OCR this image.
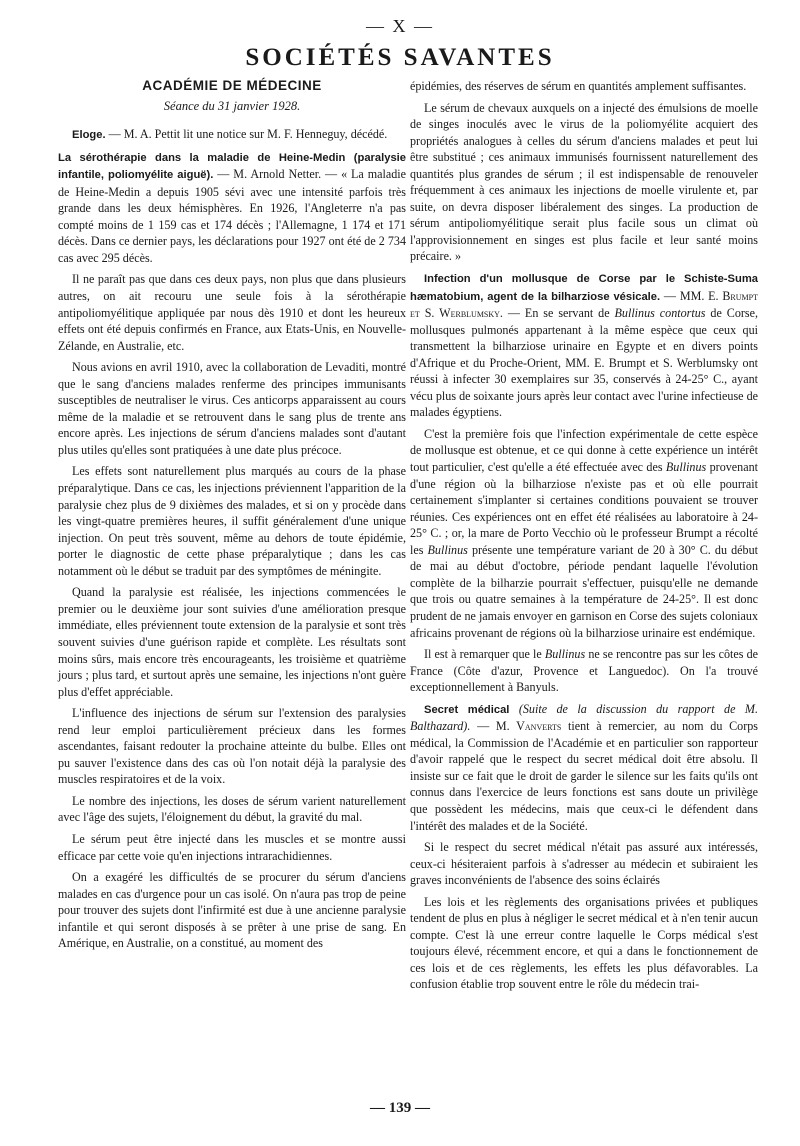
— X —
SOCIÉTÉS SAVANTES
ACADÉMIE DE MÉDECINE
Séance du 31 janvier 1928.

Eloge. — M. A. Pettit lit une notice sur M. F. Henneguy, décédé.

La sérothérapie dans la maladie de Heine-Medin (paralysie infantile, poliomyélite aiguë). — M. Arnold Netter. — « La maladie de Heine-Medin a depuis 1905 sévi avec une intensité parfois très grande dans les deux hémisphères. En 1926, l'Angleterre n'a pas compté moins de 1 159 cas et 174 décès ; l'Allemagne, 1 174 et 171 décès. Dans ce dernier pays, les déclarations pour 1927 ont été de 2 734 cas avec 295 décès.

Il ne paraît pas que dans ces deux pays, non plus que dans plusieurs autres, on ait recouru une seule fois à la sérothérapie antipoliomyélitique appliquée par nous dès 1910 et dont les heureux effets ont été depuis confirmés en France, aux Etats-Unis, en Nouvelle-Zélande, en Australie, etc.

Nous avions en avril 1910, avec la collaboration de Levaditi, montré que le sang d'anciens malades renferme des principes immunisants susceptibles de neutraliser le virus. Ces anticorps apparaissent au cours même de la maladie et se retrouvent dans le sang plus de trente ans encore après. Les injections de sérum d'anciens malades sont d'autant plus utiles qu'elles sont pratiquées à une date plus précoce.

Les effets sont naturellement plus marqués au cours de la phase préparalytique. Dans ce cas, les injections préviennent l'apparition de la paralysie chez plus de 9 dixièmes des malades, et si on y procède dans les vingt-quatre premières heures, il suffit généralement d'une unique injection. On peut très souvent, même au dehors de toute épidémie, porter le diagnostic de cette phase préparalytique ; dans les cas notamment où le début se traduit par des symptômes de méningite.

Quand la paralysie est réalisée, les injections commencées le premier ou le deuxième jour sont suivies d'une amélioration presque immédiate, elles préviennent toute extension de la paralysie et sont très souvent suivies d'une guérison rapide et complète. Les résultats sont moins sûrs, mais encore très encourageants, les troisième et quatrième jours ; plus tard, et surtout après une semaine, les injections n'ont guère plus d'effet appréciable.

L'influence des injections de sérum sur l'extension des paralysies rend leur emploi particulièrement précieux dans les formes ascendantes, faisant redouter la prochaine atteinte du bulbe. Elles ont pu sauver l'existence dans des cas où l'on notait déjà la paralysie des muscles respiratoires et de la voix.

Le nombre des injections, les doses de sérum varient naturellement avec l'âge des sujets, l'éloignement du début, la gravité du mal.

Le sérum peut être injecté dans les muscles et se montre aussi efficace par cette voie qu'en injections intrarachidiennes.

On a exagéré les difficultés de se procurer du sérum d'anciens malades en cas d'urgence pour un cas isolé. On n'aura pas trop de peine pour trouver des sujets dont l'infirmité est due à une ancienne paralysie infantile et qui seront disposés à se prêter à une prise de sang. En Amérique, en Australie, on a constitué, au moment des

épidémies, des réserves de sérum en quantités amplement suffisantes.

Le sérum de chevaux auxquels on a injecté des émulsions de moelle de singes inoculés avec le virus de la poliomyélite acquiert des propriétés analogues à celles du sérum d'anciens malades et peut lui être substitué ; ces animaux immunisés fournissent naturellement des quantités plus grandes de sérum ; il est indispensable de renouveler fréquemment à ces animaux les injections de moelle virulente et, par suite, on devra disposer libéralement des singes. La production de sérum antipoliomyélitique serait plus facile sous un climat où l'approvisionnement en singes est plus facile et leur santé moins précaire. »

Infection d'un mollusque de Corse par le Schiste-Suma hæmatobium, agent de la bilharziose vésicale. — MM. E. Brumpt et S. Werblumsky. — En se servant de Bullinus contortus de Corse, mollusques pulmonés appartenant à la même espèce que ceux qui transmettent la bilharziose urinaire en Egypte et en divers points d'Afrique et du Proche-Orient, MM. E. Brumpt et S. Werblumsky ont réussi à infecter 30 exemplaires sur 35, conservés à 24-25° C., ayant vécu plus de soixante jours après leur contact avec l'urine infectieuse de malades égyptiens.

C'est la première fois que l'infection expérimentale de cette espèce de mollusque est obtenue, et ce qui donne à cette expérience un intérêt tout particulier, c'est qu'elle a été effectuée avec des Bullinus provenant d'une région où la bilharziose n'existe pas et où elle pourrait certainement s'implanter si certaines conditions pouvaient se trouver réunies. Ces expériences ont en effet été réalisées au laboratoire à 24-25° C. ; or, la mare de Porto Vecchio où le professeur Brumpt a récolté les Bullinus présente une température variant de 20 à 30° C. du début de mai au début d'octobre, période pendant laquelle l'évolution complète de la bilharzie pourrait s'effectuer, puisqu'elle ne demande que trois ou quatre semaines à la température de 24-25°. Il est donc prudent de ne jamais envoyer en garnison en Corse des sujets coloniaux africains provenant de régions où la bilharziose urinaire est endémique.

Il est à remarquer que le Bullinus ne se rencontre pas sur les côtes de France (Côte d'azur, Provence et Languedoc). On l'a trouvé exceptionnellement à Banyuls.

Secret médical (Suite de la discussion du rapport de M. Balthazard). — M. Vanverts tient à remercier, au nom du Corps médical, la Commission de l'Académie et en particulier son rapporteur d'avoir rappelé que le respect du secret médical doit être absolu. Il insiste sur ce fait que le droit de garder le silence sur les faits qu'ils ont connus dans l'exercice de leurs fonctions est sans doute un privilège que possèdent les médecins, mais que ceux-ci le défendent dans l'intérêt des malades et de la Société.

Si le respect du secret médical n'était pas assuré aux intéressés, ceux-ci hésiteraient parfois à s'adresser au médecin et subiraient les graves inconvénients de l'absence des soins éclairés

Les lois et les règlements des organisations privées et publiques tendent de plus en plus à négliger le secret médical et à n'en tenir aucun compte. C'est là une erreur contre laquelle le Corps médical s'est toujours élevé, récemment encore, et qui a dans le fonctionnement de ces lois et de ces règlements, les effets les plus défavorables. La confusion établie trop souvent entre le rôle du médecin trai-

— 139 —
